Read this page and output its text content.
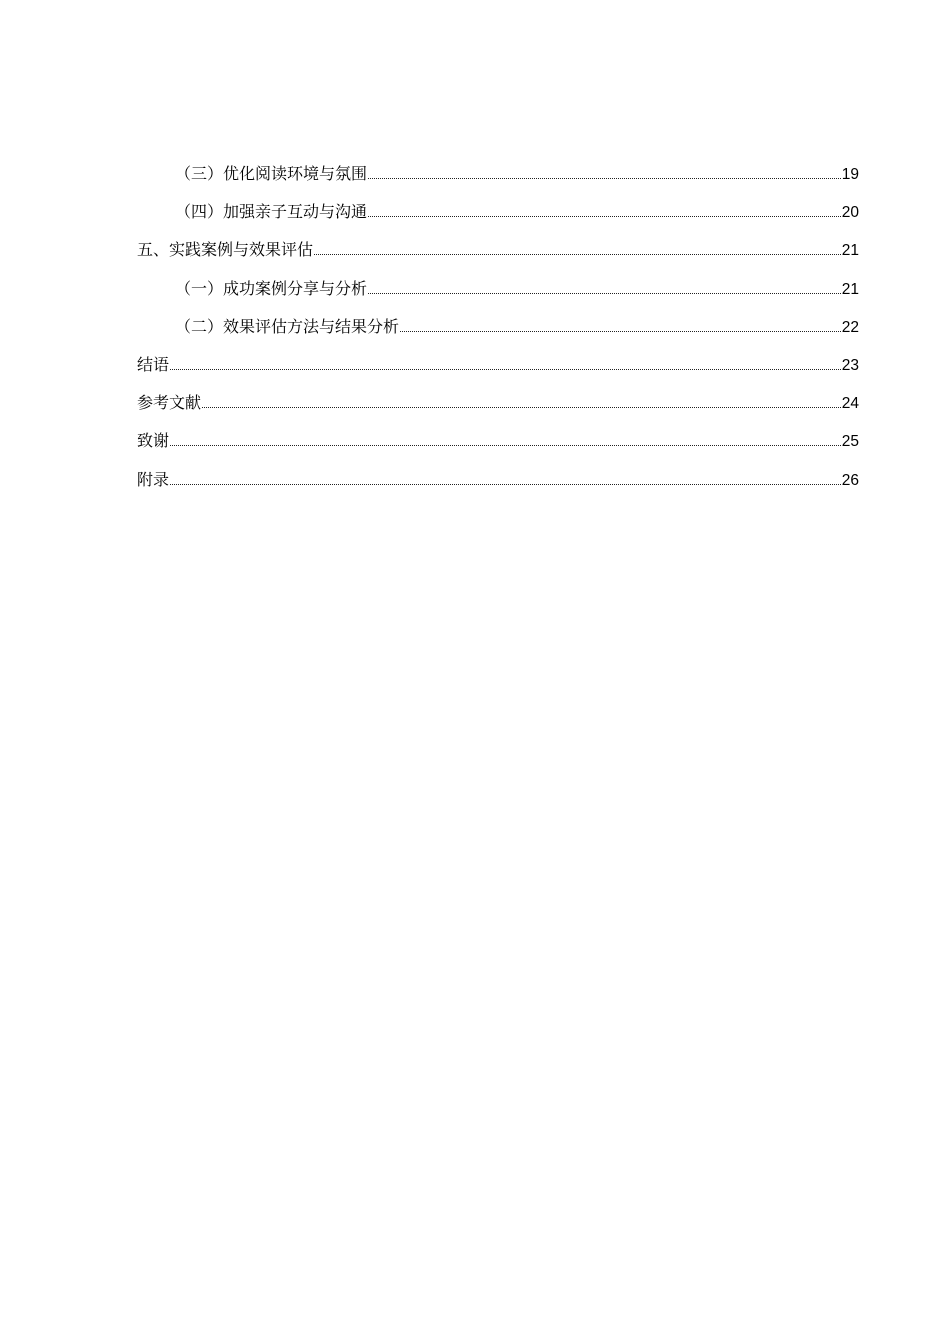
（三）优化阅读环境与氛围	19
（四）加强亲子互动与沟通	20
五、实践案例与效果评估	21
（一）成功案例分享与分析	21
（二）效果评估方法与结果分析	22
结语	23
参考文献	24
致谢	25
附录	26
